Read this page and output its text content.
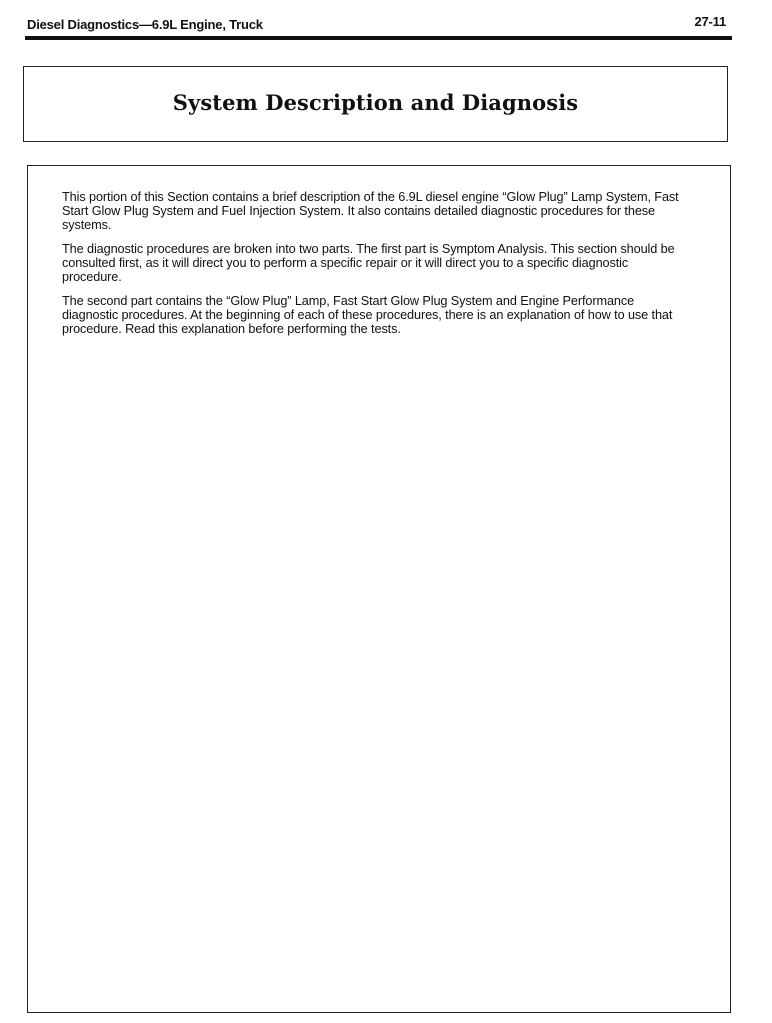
Diesel Diagnostics—6.9L Engine, Truck	27-11
System Description and Diagnosis

This portion of this Section contains a brief description of the 6.9L diesel engine “Glow Plug” Lamp System, Fast Start Glow Plug System and Fuel Injection System. It also contains detailed diagnostic procedures for these systems.

The diagnostic procedures are broken into two parts. The first part is Symptom Analysis. This section should be consulted first, as it will direct you to perform a specific repair or it will direct you to a specific diagnostic procedure.

The second part contains the “Glow Plug” Lamp, Fast Start Glow Plug System and Engine Performance diagnostic procedures. At the beginning of each of these procedures, there is an explanation of how to use that procedure. Read this explanation before performing the tests.
